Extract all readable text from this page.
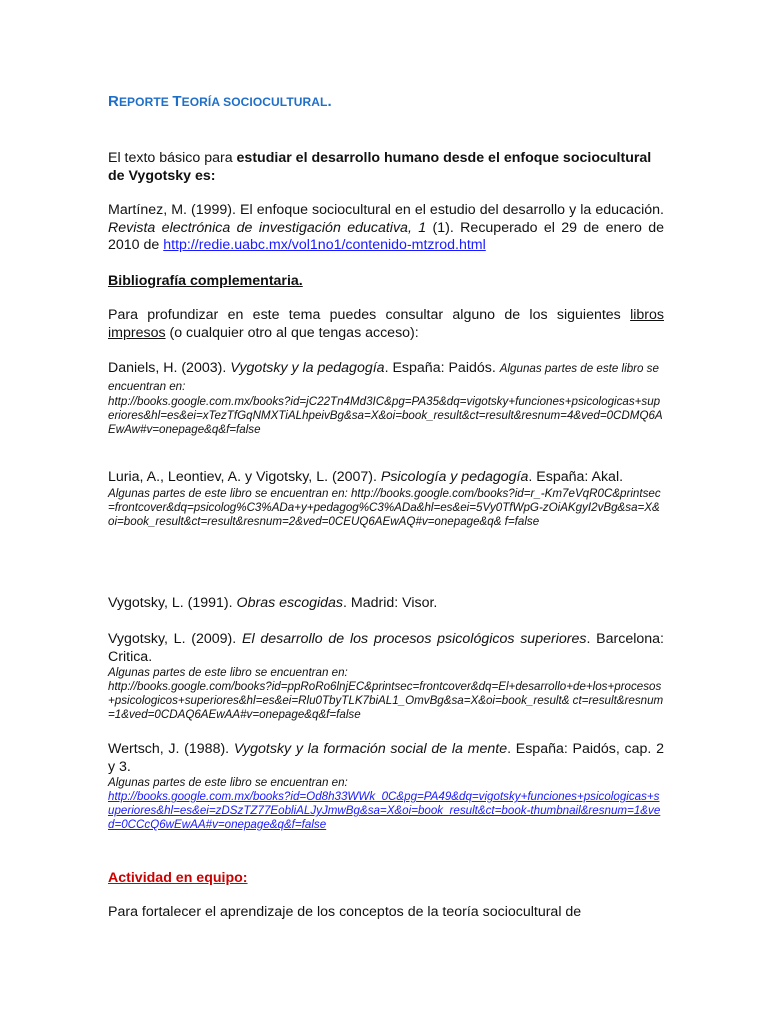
REPORTE TEORÍA SOCIOCULTURAL.
El texto básico para estudiar el desarrollo humano desde el enfoque sociocultural de Vygotsky es:
Martínez, M. (1999). El enfoque sociocultural en el estudio del desarrollo y la educación. Revista electrónica de investigación educativa, 1 (1). Recuperado el 29 de enero de 2010 de http://redie.uabc.mx/vol1no1/contenido-mtzrod.html
Bibliografía complementaria.
Para profundizar en este tema puedes consultar alguno de los siguientes libros impresos (o cualquier otro al que tengas acceso):
Daniels, H. (2003). Vygotsky y la pedagogía. España: Paidós. Algunas partes de este libro se encuentran en:
http://books.google.com.mx/books?id=jC22Tn4Md3IC&pg=PA35&dq=vigotsky+funciones+psicologicas+superiores&hl=es&ei=xTezTfGqNMXTiALhpeivBg&sa=X&oi=book_result&ct=result&resnum=4&ved=0CDMQ6AEwAw#v=onepage&q&f=false
Luria, A., Leontiev, A. y Vigotsky, L. (2007). Psicología y pedagogía. España: Akal.
Algunas partes de este libro se encuentran en: http://books.google.com/books?id=r_-Km7eVqR0C&printsec=frontcover&dq=psicolog%C3%ADa+y+pedagog%C3%ADa&hl=es&ei=5Vy0TfWpG-zOiAKgyI2vBg&sa=X&oi=book_result&ct=result&resnum=2&ved=0CEUQ6AEwAQ#v=onepage&q& f=false
Vygotsky, L. (1991). Obras escogidas. Madrid: Visor.
Vygotsky, L. (2009). El desarrollo de los procesos psicológicos superiores. Barcelona: Critica.
Algunas partes de este libro se encuentran en:
http://books.google.com/books?id=ppRoRo6lnjEC&printsec=frontcover&dq=El+desarrollo+de+los+procesos+psicologicos+superiores&hl=es&ei=Rlu0TbyTLK7biAL1_OmvBg&sa=X&oi=book_result& ct=result&resnum=1&ved=0CDAQ6AEwAA#v=onepage&q&f=false
Wertsch, J. (1988). Vygotsky y la formación social de la mente. España: Paidós, cap. 2 y 3.
Algunas partes de este libro se encuentran en:
http://books.google.com.mx/books?id=Od8h33WWk_0C&pg=PA49&dq=vigotsky+funciones+psicologicas+superiores&hl=es&ei=zDSzTZ77EobliALJyJmwBg&sa=X&oi=book_result&ct=book-thumbnail&resnum=1&ved=0CCcQ6wEwAA#v=onepage&q&f=false
Actividad en equipo:
Para fortalecer el aprendizaje de los conceptos de la teoría sociocultural de
